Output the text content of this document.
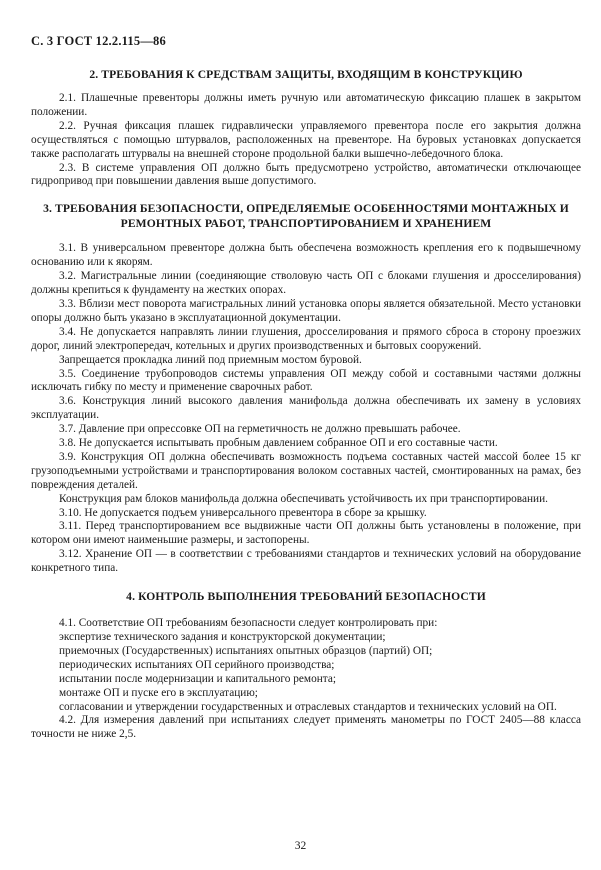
С. 3 ГОСТ 12.2.115—86
2. ТРЕБОВАНИЯ К СРЕДСТВАМ ЗАЩИТЫ, ВХОДЯЩИМ В КОНСТРУКЦИЮ

2.1. Плашечные превенторы должны иметь ручную или автоматическую фиксацию плашек в закрытом положении.

2.2. Ручная фиксация плашек гидравлически управляемого превентора после его закрытия должна осуществляться с помощью штурвалов, расположенных на превенторе. На буровых установках допускается также располагать штурвалы на внешней стороне продольной балки вышечно-лебедочного блока.

2.3. В системе управления ОП должно быть предусмотрено устройство, автоматически отключающее гидропривод при повышении давления выше допустимого.

3. ТРЕБОВАНИЯ БЕЗОПАСНОСТИ, ОПРЕДЕЛЯЕМЫЕ ОСОБЕННОСТЯМИ МОНТАЖНЫХ И РЕМОНТНЫХ РАБОТ, ТРАНСПОРТИРОВАНИЕМ И ХРАНЕНИЕМ

3.1. В универсальном превенторе должна быть обеспечена возможность крепления его к подвышечному основанию или к якорям.

3.2. Магистральные линии (соединяющие стволовую часть ОП с блоками глушения и дросселирования) должны крепиться к фундаменту на жестких опорах.

3.3. Вблизи мест поворота магистральных линий установка опоры является обязательной. Место установки опоры должно быть указано в эксплуатационной документации.

3.4. Не допускается направлять линии глушения, дросселирования и прямого сброса в сторону проезжих дорог, линий электропередач, котельных и других производственных и бытовых сооружений.

Запрещается прокладка линий под приемным мостом буровой.

3.5. Соединение трубопроводов системы управления ОП между собой и составными частями должны исключать гибку по месту и применение сварочных работ.

3.6. Конструкция линий высокого давления манифольда должна обеспечивать их замену в условиях эксплуатации.

3.7. Давление при опрессовке ОП на герметичность не должно превышать рабочее.

3.8. Не допускается испытывать пробным давлением собранное ОП и его составные части.

3.9. Конструкция ОП должна обеспечивать возможность подъема составных частей массой более 15 кг грузоподъемными устройствами и транспортирования волоком составных частей, смонтированных на рамах, без повреждения деталей.

Конструкция рам блоков манифольда должна обеспечивать устойчивость их при транспортировании.

3.10. Не допускается подъем универсального превентора в сборе за крышку.

3.11. Перед транспортированием все выдвижные части ОП должны быть установлены в положение, при котором они имеют наименьшие размеры, и застопорены.

3.12. Хранение ОП — в соответствии с требованиями стандартов и технических условий на оборудование конкретного типа.

4. КОНТРОЛЬ ВЫПОЛНЕНИЯ ТРЕБОВАНИЙ БЕЗОПАСНОСТИ

4.1. Соответствие ОП требованиям безопасности следует контролировать при:

экспертизе технического задания и конструкторской документации;

приемочных (Государственных) испытаниях опытных образцов (партий) ОП;

периодических испытаниях ОП серийного производства;

испытании после модернизации и капитального ремонта;

монтаже ОП и пуске его в эксплуатацию;

согласовании и утверждении государственных и отраслевых стандартов и технических условий на ОП.

4.2. Для измерения давлений при испытаниях следует применять манометры по ГОСТ 2405—88 класса точности не ниже 2,5.

32
